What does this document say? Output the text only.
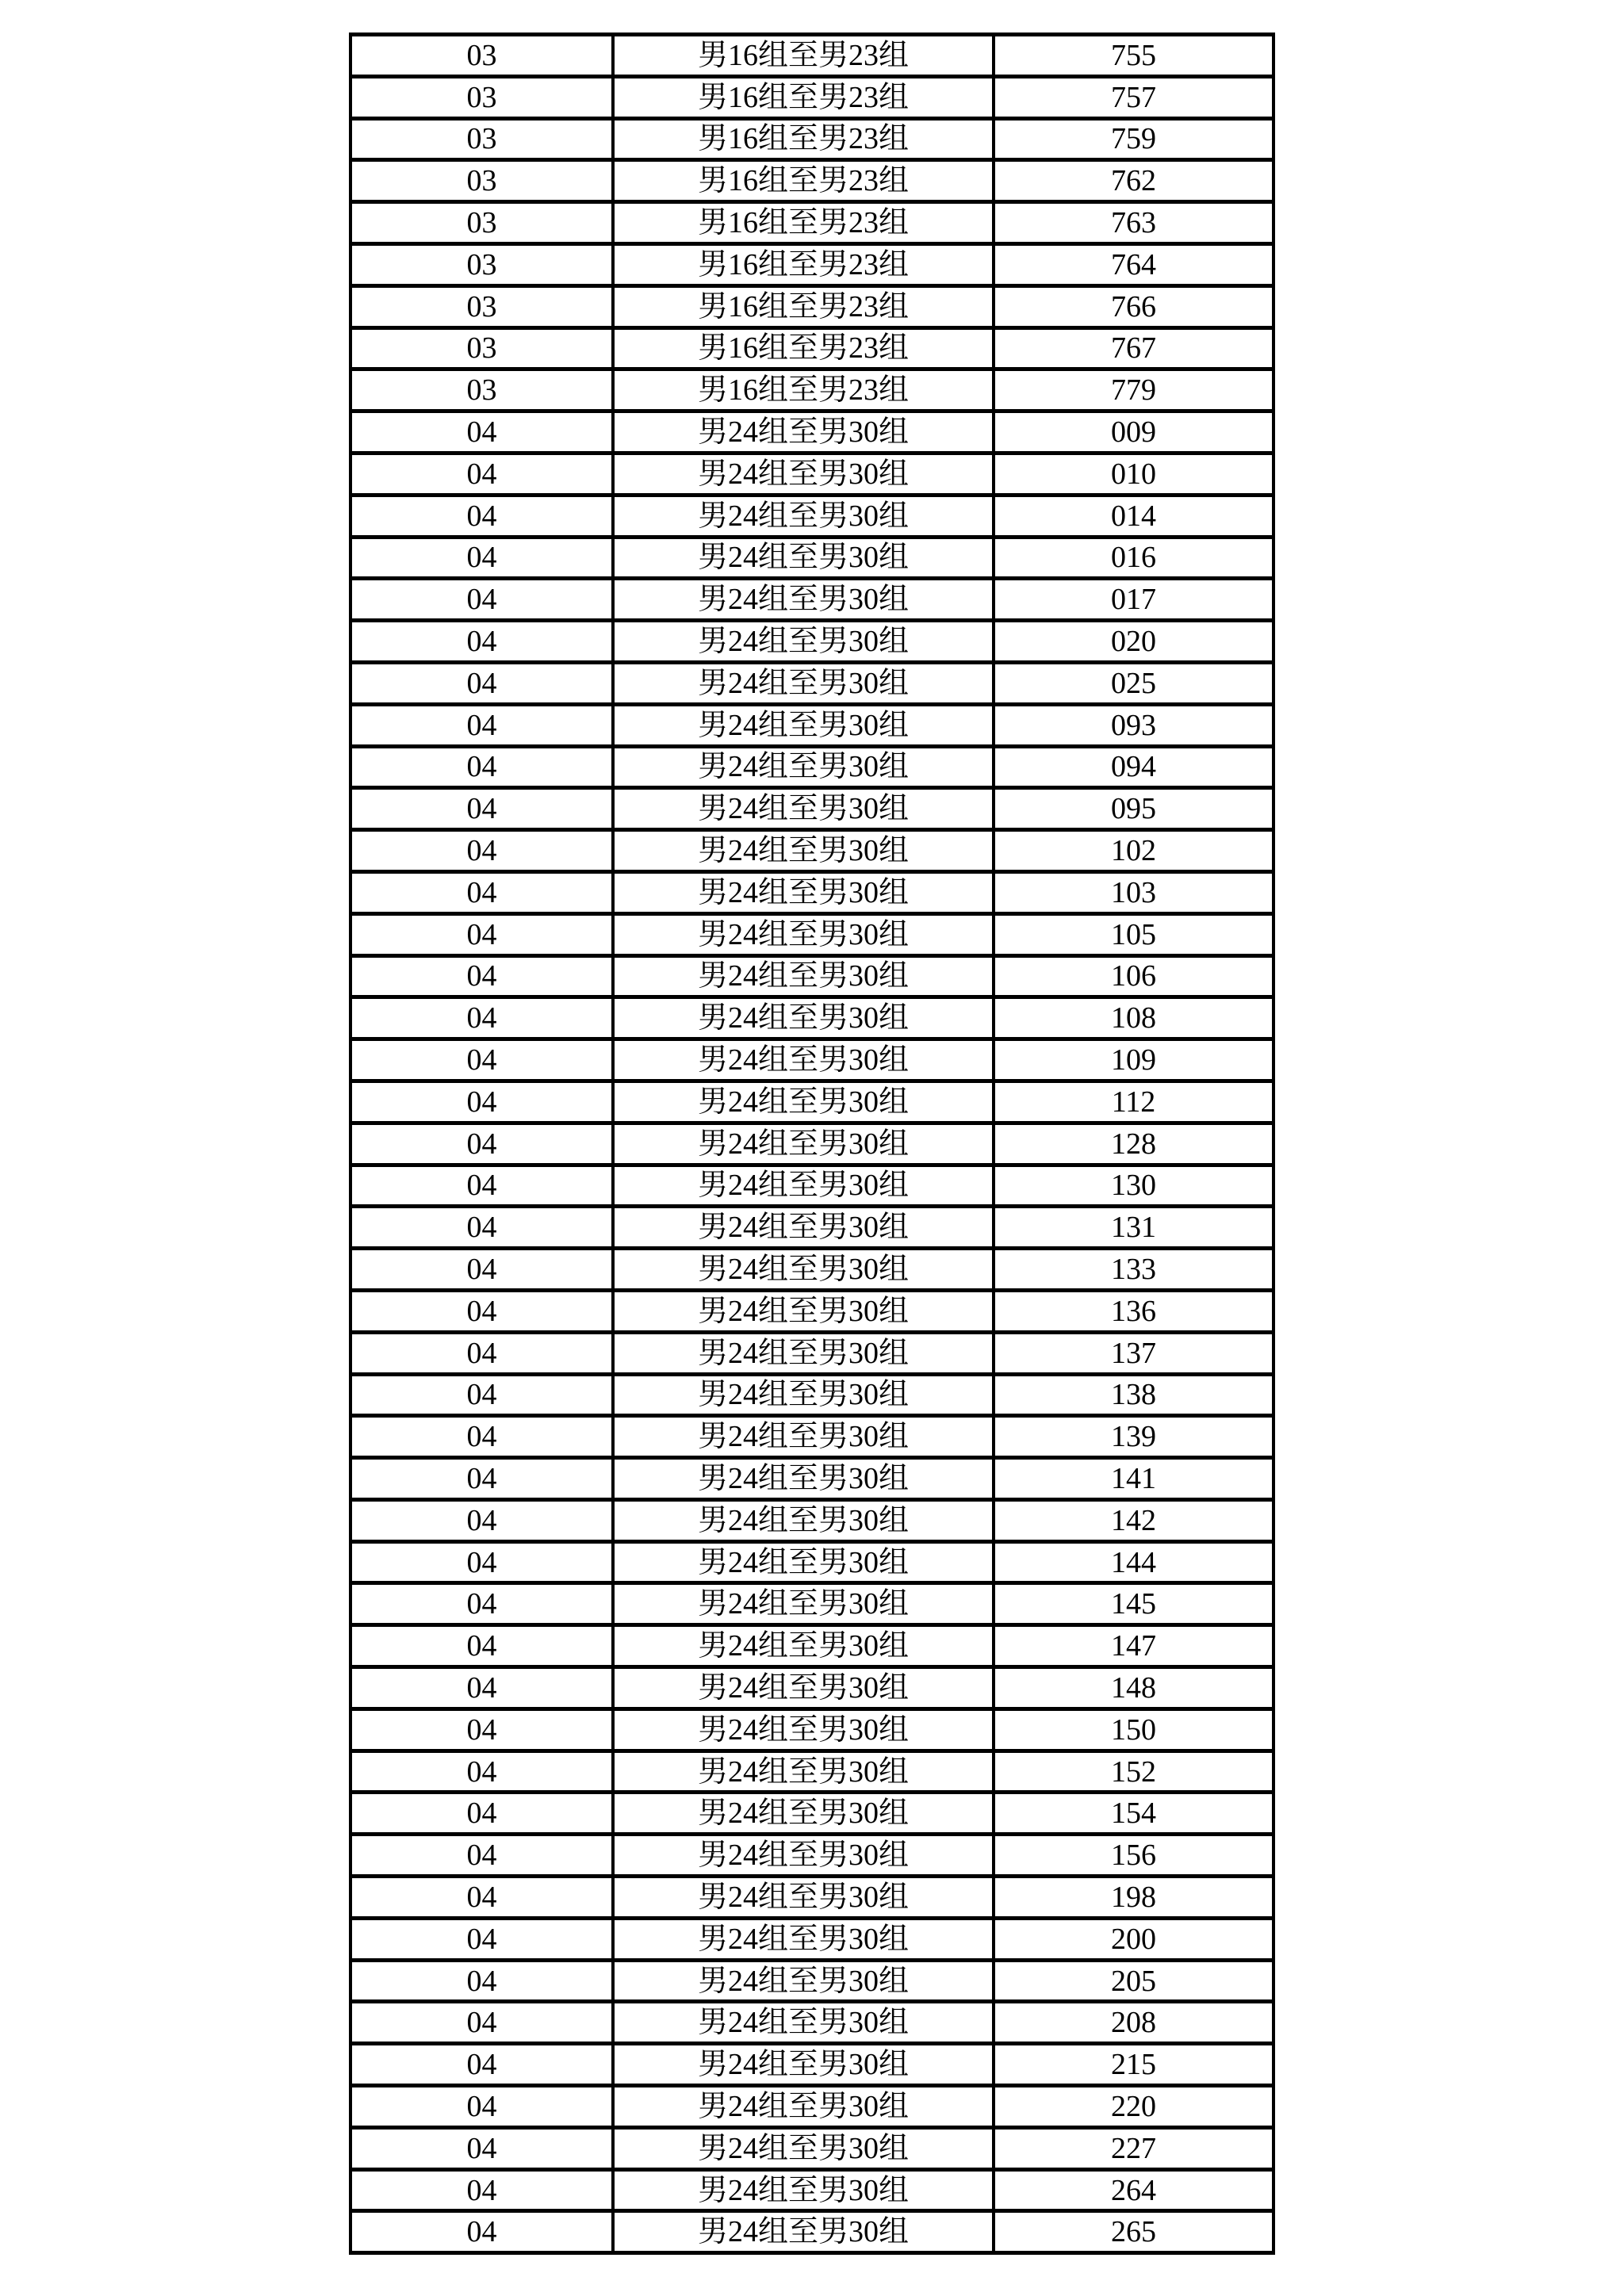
03	男16组至男23组	755
03	男16组至男23组	757
03	男16组至男23组	759
03	男16组至男23组	762
03	男16组至男23组	763
03	男16组至男23组	764
03	男16组至男23组	766
03	男16组至男23组	767
03	男16组至男23组	779
04	男24组至男30组	009
04	男24组至男30组	010
04	男24组至男30组	014
04	男24组至男30组	016
04	男24组至男30组	017
04	男24组至男30组	020
04	男24组至男30组	025
04	男24组至男30组	093
04	男24组至男30组	094
04	男24组至男30组	095
04	男24组至男30组	102
04	男24组至男30组	103
04	男24组至男30组	105
04	男24组至男30组	106
04	男24组至男30组	108
04	男24组至男30组	109
04	男24组至男30组	112
04	男24组至男30组	128
04	男24组至男30组	130
04	男24组至男30组	131
04	男24组至男30组	133
04	男24组至男30组	136
04	男24组至男30组	137
04	男24组至男30组	138
04	男24组至男30组	139
04	男24组至男30组	141
04	男24组至男30组	142
04	男24组至男30组	144
04	男24组至男30组	145
04	男24组至男30组	147
04	男24组至男30组	148
04	男24组至男30组	150
04	男24组至男30组	152
04	男24组至男30组	154
04	男24组至男30组	156
04	男24组至男30组	198
04	男24组至男30组	200
04	男24组至男30组	205
04	男24组至男30组	208
04	男24组至男30组	215
04	男24组至男30组	220
04	男24组至男30组	227
04	男24组至男30组	264
04	男24组至男30组	265
